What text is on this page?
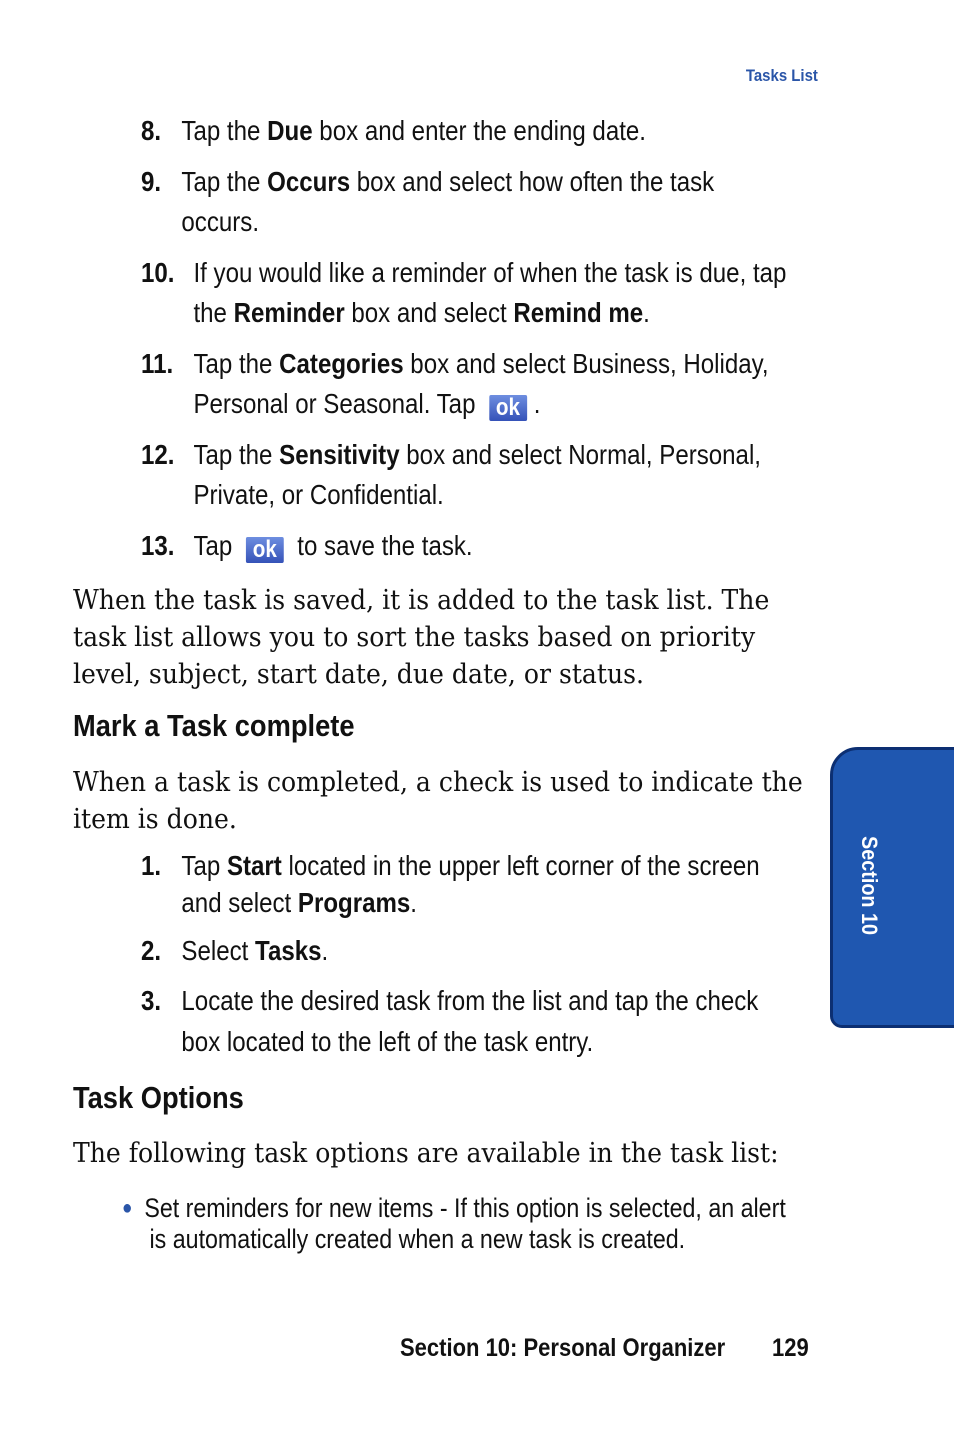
Tasks List
8. Tap the Due box and enter the ending date.
9. Tap the Occurs box and select how often the task
occurs.
10. If you would like a reminder of when the task is due, tap
the Reminder box and select Remind me.
11. Tap the Categories box and select Business, Holiday,
Personal or Seasonal. Tap ok .
12. Tap the Sensitivity box and select Normal, Personal,
Private, or Confidential.
13. Tap ok to save the task.
When the task is saved, it is added to the task list. The task list allows you to sort the tasks based on priority level, subject, start date, due date, or status.
Mark a Task complete
When a task is completed, a check is used to indicate the item is done.
1. Tap Start located in the upper left corner of the screen
and select Programs.
2. Select Tasks.
3. Locate the desired task from the list and tap the check
box located to the left of the task entry.
Task Options
The following task options are available in the task list:
● Set reminders for new items - If this option is selected, an alert
is automatically created when a new task is created.
Section 10
Section 10: Personal Organizer 129
